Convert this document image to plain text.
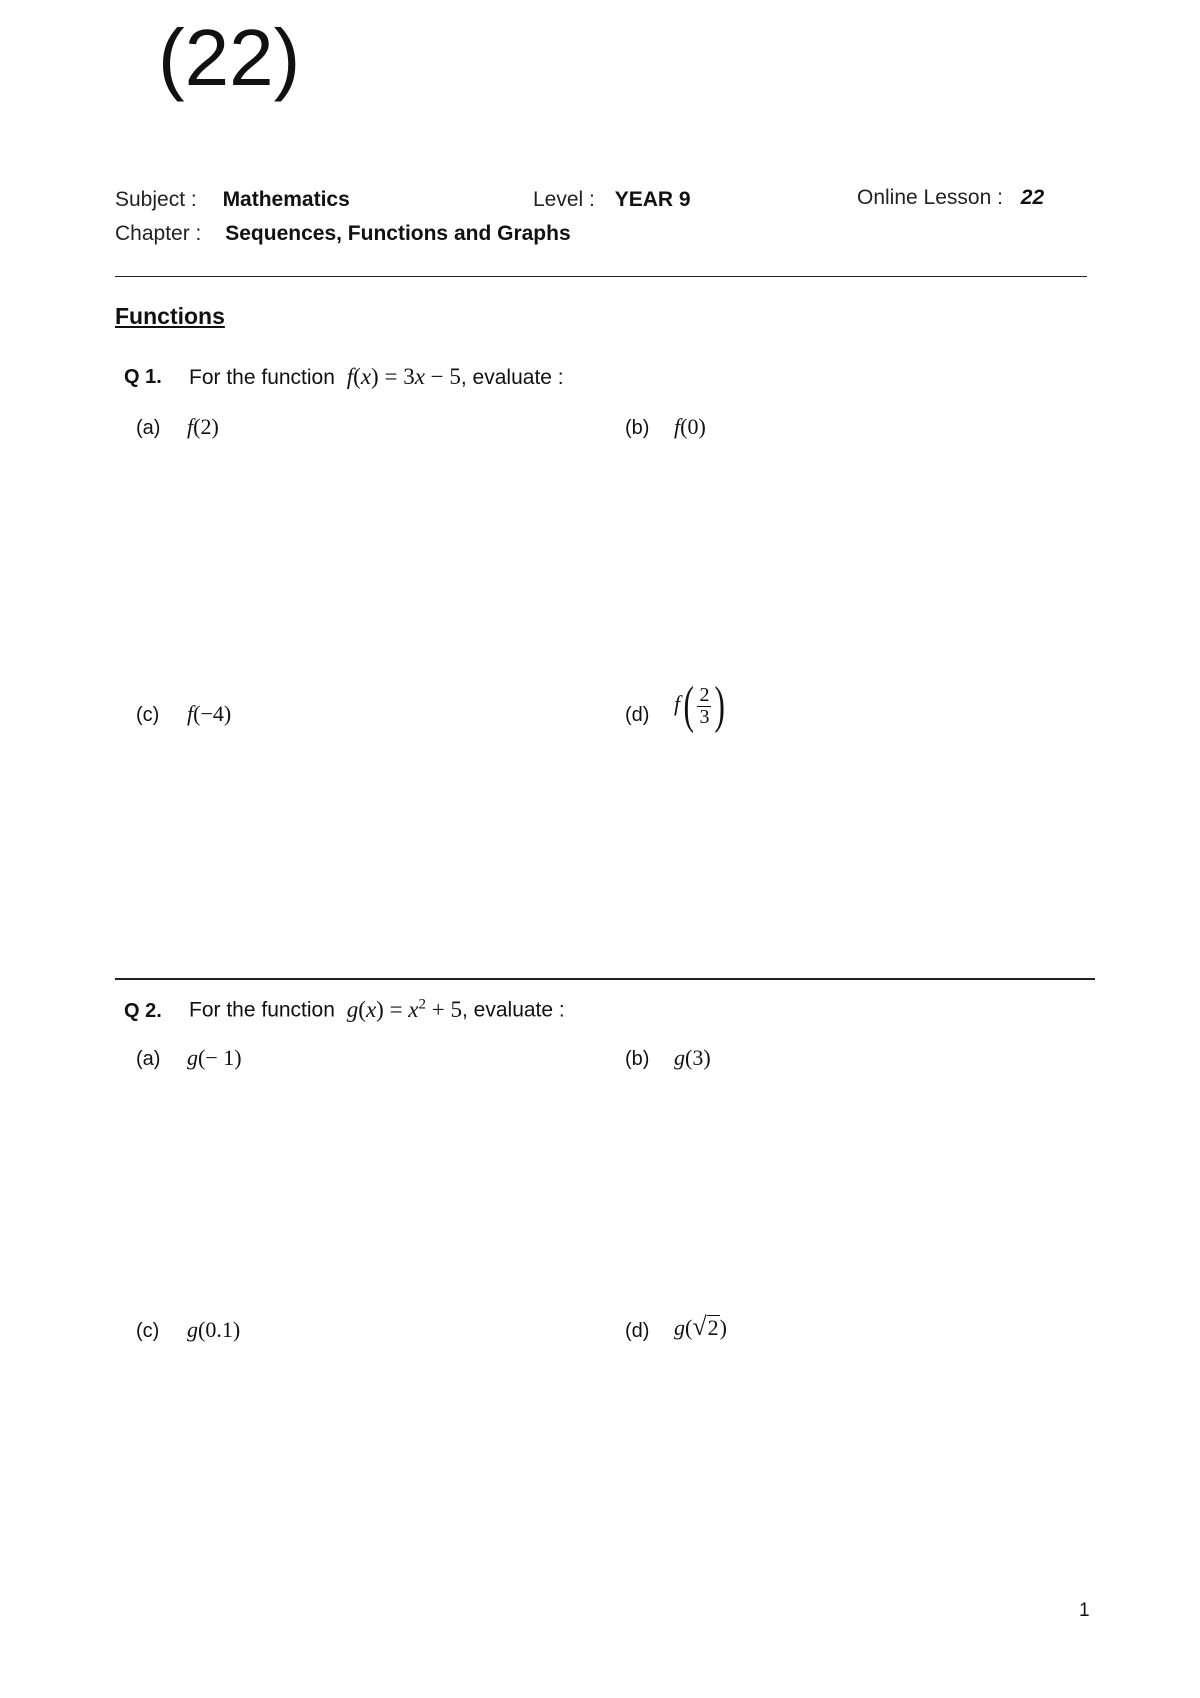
(22)
Subject : Mathematics	Level : YEAR 9	Online Lesson : 22
Chapter : Sequences, Functions and Graphs
Functions
Q 1. For the function f(x) = 3x − 5, evaluate :
(a) f(2)	(b) f(0)
(c) f(−4)	(d) $f( \frac{2}{3}$ )
Q 2. For the function $g(x) = x^2 + 5$, evaluate :
(a) g(− 1)	(b) g(3)
(c) g(0.1)	(d) g( √ 2 )
1
